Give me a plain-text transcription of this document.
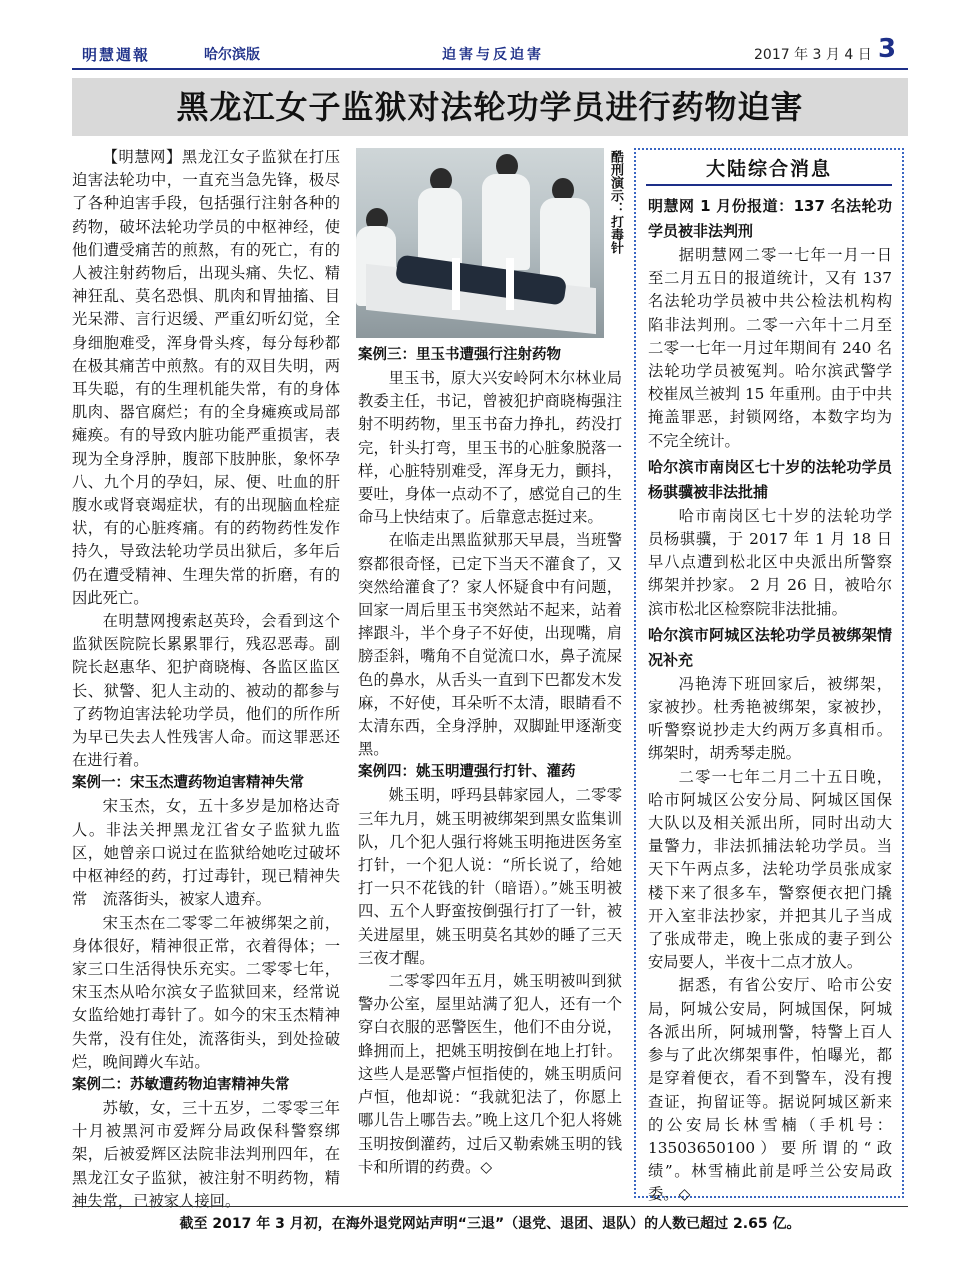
明慧週報	哈尔滨版	迫害与反迫害	2017 年 3 月 4 日 3
黑龙江女子监狱对法轮功学员进行药物迫害

【明慧网】黑龙江女子监狱在打压迫害法轮功中，一直充当急先锋，极尽了各种迫害手段，包括强行注射各种的药物，破坏法轮功学员的中枢神经，使他们遭受痛苦的煎熬，有的死亡，有的人被注射药物后，出现头痛、失忆、精神狂乱、莫名恐惧、肌肉和胃抽搐、目光呆滞、言行迟缓、严重幻听幻觉，全身细胞难受，浑身骨头疼，每分每秒都在极其痛苦中煎熬。有的双目失明，两耳失聪，有的生理机能失常，有的身体肌肉、器官腐烂；有的全身瘫痪或局部瘫痪。有的导致内脏功能严重损害，表现为全身浮肿，腹部下肢肿胀，象怀孕八、九个月的孕妇，尿、便、吐血的肝腹水或肾衰竭症状，有的出现脑血栓症状，有的心脏疼痛。有的药物药性发作持久，导致法轮功学员出狱后，多年后仍在遭受精神、生理失常的折磨，有的因此死亡。

在明慧网搜索赵英玲，会看到这个监狱医院院长累累罪行，残忍恶毒。副院长赵惠华、犯护商晓梅、各监区监区长、狱警、犯人主动的、被动的都参与了药物迫害法轮功学员，他们的所作所为早已失去人性残害人命。而这罪恶还在进行着。

案例一：宋玉杰遭药物迫害精神失常

宋玉杰，女，五十多岁是加格达奇人。非法关押黑龙江省女子监狱九监区，她曾亲口说过在监狱给她吃过破坏中枢神经的药，打过毒针，现已精神失常　流落街头，被家人遗弃。

宋玉杰在二零零二年被绑架之前，身体很好，精神很正常，衣着得体；一家三口生活得快乐充实。二零零七年，宋玉杰从哈尔滨女子监狱回来，经常说女监给她打毒针了。如今的宋玉杰精神失常，没有住处，流落街头，到处捡破烂，晚间蹲火车站。

案例二：苏敏遭药物迫害精神失常

苏敏，女，三十五岁，二零零三年十月被黑河市爱辉分局政保科警察绑架，后被爱辉区法院非法判刑四年，在黑龙江女子监狱，被注射不明药物，精神失常，已被家人接回。

酷刑演示：打毒针
案例三：里玉书遭强行注射药物

里玉书，原大兴安岭阿木尔林业局教委主任，书记，曾被犯护商晓梅强注射不明药物，里玉书奋力挣扎，药没打完，针头打弯，里玉书的心脏象脱落一样，心脏特别难受，浑身无力，颤抖，要吐，身体一点动不了，感觉自己的生命马上快结束了。后靠意志挺过来。

在临走出黑监狱那天早晨，当班警察都很奇怪，已定下当天不灌食了，又突然给灌食了？家人怀疑食中有问题，回家一周后里玉书突然站不起来，站着摔跟斗，半个身子不好使，出现嘴，肩膀歪斜，嘴角不自觉流口水，鼻子流屎色的鼻水，从舌头一直到下巴都发木发麻，不好使，耳朵听不太清，眼睛看不太清东西，全身浮肿，双脚趾甲逐渐变黑。

案例四：姚玉明遭强行打针、灌药

姚玉明，呼玛县韩家园人，二零零三年九月，姚玉明被绑架到黑女监集训队，几个犯人强行将姚玉明拖进医务室打针，一个犯人说：“所长说了，给她打一只不花钱的针（暗语）。”姚玉明被四、五个人野蛮按倒强行打了一针，被关进屋里，姚玉明莫名其妙的睡了三天三夜才醒。

二零零四年五月，姚玉明被叫到狱警办公室，屋里站满了犯人，还有一个穿白衣服的恶警医生，他们不由分说，蜂拥而上，把姚玉明按倒在地上打针。这些人是恶警卢恒指使的，姚玉明质问卢恒，他却说：“我就犯法了，你愿上哪儿告上哪告去。”晚上这几个犯人将姚玉明按倒灌药，过后又勒索姚玉明的钱卡和所谓的药费。◇

大陆综合消息
明慧网 1 月份报道：137 名法轮功学员被非法判刑

据明慧网二零一七年一月一日至二月五日的报道统计，又有 137 名法轮功学员被中共公检法机构构陷非法判刑。二零一六年十二月至二零一七年一月过年期间有 240 名法轮功学员被冤判。哈尔滨武警学校崔凤兰被判 15 年重刑。由于中共掩盖罪恶，封锁网络，本数字均为不完全统计。

哈尔滨市南岗区七十岁的法轮功学员杨骐骥被非法批捕

哈市南岗区七十岁的法轮功学员杨骐骥，于 2017 年 1 月 18 日早八点遭到松北区中央派出所警察绑架并抄家。 2 月 26 日，被哈尔滨市松北区检察院非法批捕。

哈尔滨市阿城区法轮功学员被绑架情况补充

冯艳涛下班回家后，被绑架，家被抄。杜秀艳被绑架，家被抄，听警察说抄走大约两万多真相币。绑架时，胡秀琴走脱。

二零一七年二月二十五日晚，哈市阿城区公安分局、阿城区国保大队以及相关派出所，同时出动大量警力，非法抓捕法轮功学员。当天下午两点多，法轮功学员张成家楼下来了很多车，警察便衣把门撬开入室非法抄家，并把其儿子当成了张成带走，晚上张成的妻子到公安局要人，半夜十二点才放人。

据悉，有省公安厅、哈市公安局，阿城公安局，阿城国保，阿城各派出所，阿城刑警，特警上百人参与了此次绑架事件，怕曝光，都是穿着便衣，看不到警车，没有搜查证，拘留证等。据说阿城区新来的公安局长林雪楠（手机号：13503650100）要所谓的“政绩”。林雪楠此前是呼兰公安局政委。◇

截至 2017 年 3 月初，在海外退党网站声明“三退”（退党、退团、退队）的人数已超过 2.65 亿。
